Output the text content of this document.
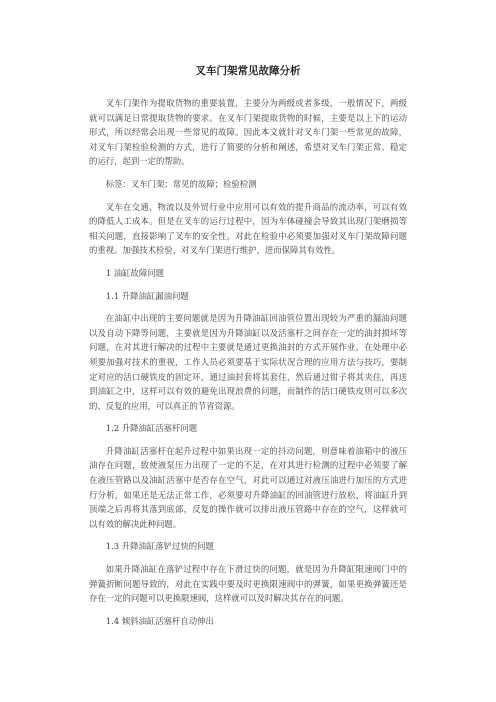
叉车门架常见故障分析

叉车门架作为提取货物的重要装置，主要分为两级或者多级，一般情况下，两级就可以满足日常提取货物的要求。在叉车门架提取货物的时候，主要是以上下的运动形式，所以经常会出现一些常见的故障。因此本文就针对叉车门架一些常见的故障，对叉车门架检验检测的方式，进行了简要的分析和阐述，希望对叉车门架正常、稳定的运行，起到一定的帮助。

标签：叉车门架；常见的故障；检验检测

叉车在交通、物流以及外贸行业中应用可以有效的提升商品的流动率，可以有效的降低人工成本。但是在叉车的运行过程中，因为车体碰撞会导致其出现门架磨损等相关问题，直接影响了叉车的安全性。对此在检验中必须要加强对叉车门架故障问题的重视。加强技术检验，对叉车门架进行维护，进而保障其有效性。

1 油缸故障问题

1.1 升降油缸漏油问题

在油缸中出现的主要问题就是因为升降油缸回油管位置出现较为严重的漏油问题以及自动下降等问题，主要就是因为升降油缸以及活塞杆之间存在一定的油封损坏等问题，在对其进行解决的过程中主要就是通过更换油封的方式开展作业，在处理中必须要加强对技术的重视，工作人员必须要基于实际状况合理的应用方法与技巧，要制定对应的活口硬铁皮的固定环，通过油封套将其套住，然后通过钳子将其夹住，再送到油缸之中，这样可以有效的避免出现浪费的问题，而制作的活口硬铁皮则可以多次的、反复的应用，可以真正的节省资源。

1.2 升降油缸活塞杆问题

升降油缸活塞杆在起升过程中如果出现一定的抖动问题，则意味着油箱中的液压油存在问题，致使液泵压力出现了一定的不足，在对其进行检测的过程中必须要了解在液压管路以及油缸活塞中是否存在空气，对此可以通过对液压油进行加压的方式进行分析，如果还是无法正常工作，必须要对升降油缸的回油管进行放松，将油缸升到顶端之后再将其落到底部，反复的操作就可以排出液压管路中存在的空气，这样就可以有效的解决此种问题。

1.3 升降油缸落铲过快的问题

如果升降油缸在落铲过程中存在下滑过快的问题，就是因为升降缸限速阀门中的弹簧折断问题导致的，对此在实践中要及时更换限速阀中的弹簧，如果更换弹簧还是存在一定的问题可以更换限速阀，这样就可以及时解决其存在的问题。

1.4 倾斜油缸活塞杆自动伸出
